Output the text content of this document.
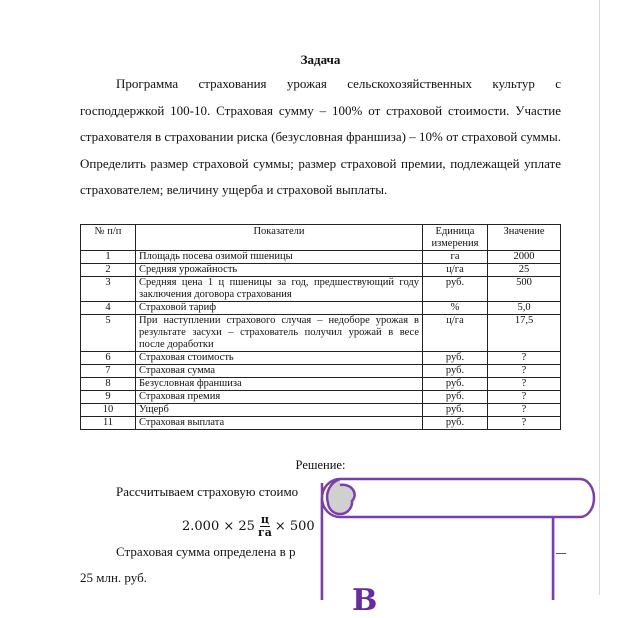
Задача
Программа страхования урожая сельскохозяйственных культур с господдержкой 100-10. Страховая сумму – 100% от страховой стоимости. Участие страхователя в страховании риска (безусловная франшиза) – 10% от страховой суммы. Определить размер страховой суммы; размер страховой премии, подлежащей уплате страхователем; величину ущерба и страховой выплаты.
№ п/п	Показатели	Единица измерения	Значение
1	Площадь посева озимой пшеницы	га	2000
2	Средняя урожайность	ц/га	25
3	Средняя цена 1 ц пшеницы за год, предшествующий году заключения договора страхования	руб.	500
4	Страховой тариф	%	5,0
5	При наступлении страхового случая – недоборе урожая в результате засухи – страхователь получил урожай в весе после доработки	ц/га	17,5
6	Страховая стоимость	руб.	?
7	Страховая сумма	руб.	?
8	Безусловная франшиза	руб.	?
9	Страховая премия	руб.	?
10	Ущерб	руб.	?
11	Страховая выплата	руб.	?
Решение:
Рассчитываем страховую стоимо
2.000
×
$25 \frac{ц}{га}$ ×
500
Страховая сумма определена в р
25 млн. руб.
В
